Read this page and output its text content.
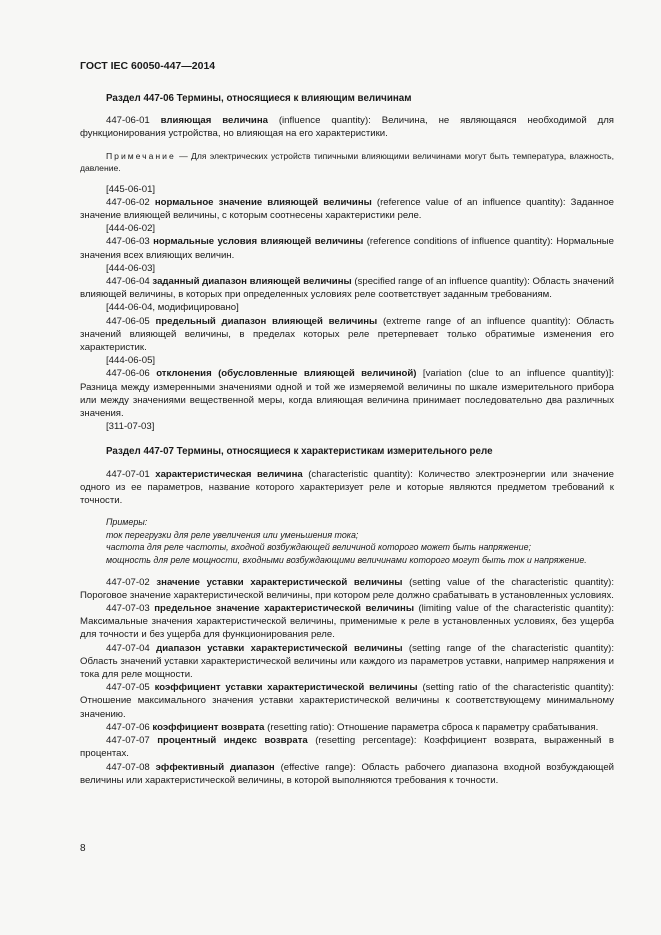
ГОСТ IEC 60050-447—2014

Раздел 447-06 Термины, относящиеся к влияющим величинам

447-06-01 влияющая величина (influence quantity): Величина, не являющаяся необходимой для функционирования устройства, но влияющая на его характеристики.

Примечание — Для электрических устройств типичными влияющими величинами могут быть температура, влажность, давление.

[445-06-01]

447-06-02 нормальное значение влияющей величины (reference value of an influence quantity): Заданное значение влияющей величины, с которым соотнесены характеристики реле.

[444-06-02]

447-06-03 нормальные условия влияющей величины (reference conditions of influence quantity): Нормальные значения всех влияющих величин.

[444-06-03]

447-06-04 заданный диапазон влияющей величины (specified range of an influence quantity): Область значений влияющей величины, в которых при определенных условиях реле соответствует заданным требованиям.

[444-06-04, модифицировано]

447-06-05 предельный диапазон влияющей величины (extreme range of an influence quantity): Область значений влияющей величины, в пределах которых реле претерпевает только обратимые изменения его характеристик.

[444-06-05]

447-06-06 отклонения (обусловленные влияющей величиной) [variation (clue to an influence quantity)]: Разница между измеренными значениями одной и той же измеряемой величины по шкале измерительного прибора или между значениями вещественной меры, когда влияющая величина принимает последовательно два различных значения.

[311-07-03]

Раздел 447-07 Термины, относящиеся к характеристикам измерительного реле

447-07-01 характеристическая величина (characteristic quantity): Количество электроэнергии или значение одного из ее параметров, название которого характеризует реле и которые являются предметом требований к точности.

Примеры:

ток перегрузки для реле увеличения или уменьшения тока;

частота для реле частоты, входной возбуждающей величиной которого может быть напряжение;

мощность для реле мощности, входными возбуждающими величинами которого могут быть ток и напряжение.

447-07-02 значение уставки характеристической величины (setting value of the characteristic quantity): Пороговое значение характеристической величины, при котором реле должно срабатывать в установленных условиях.

447-07-03 предельное значение характеристической величины (limiting value of the characteristic quantity): Максимальные значения характеристической величины, применимые к реле в установленных условиях, без ущерба для точности и без ущерба для функционирования реле.

447-07-04 диапазон уставки характеристической величины (setting range of the characteristic quantity): Область значений уставки характеристической величины или каждого из параметров уставки, например напряжения и тока для реле мощности.

447-07-05 коэффициент уставки характеристической величины (setting ratio of the characteristic quantity): Отношение максимального значения уставки характеристической величины к соответствующему минимальному значению.

447-07-06 коэффициент возврата (resetting ratio): Отношение параметра сброса к параметру срабатывания.

447-07-07 процентный индекс возврата (resetting percentage): Коэффициент возврата, выраженный в процентах.

447-07-08 эффективный диапазон (effective range): Область рабочего диапазона входной возбуждающей величины или характеристической величины, в которой выполняются требования к точности.

8
